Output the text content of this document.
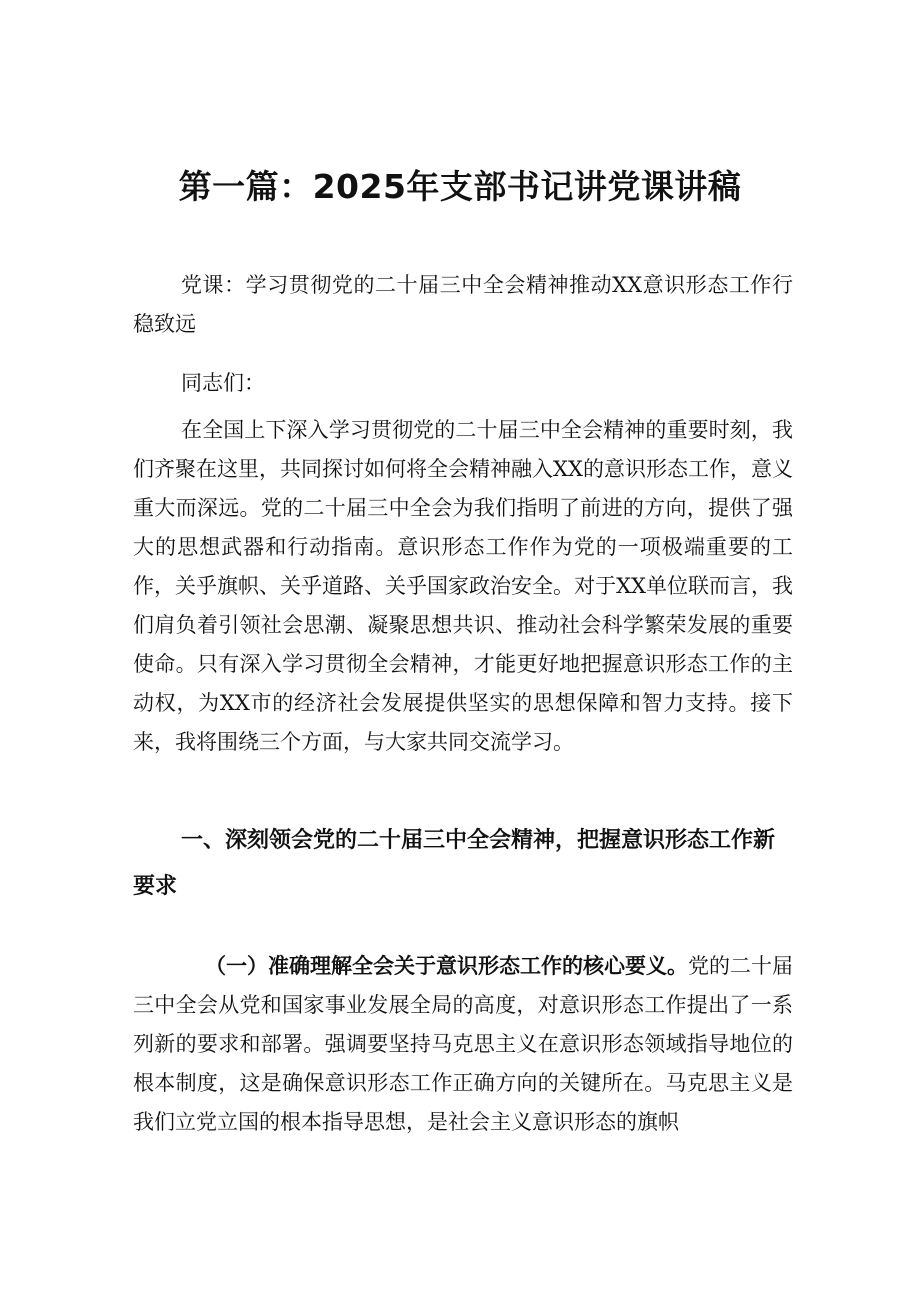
第一篇：2025年支部书记讲党课讲稿

党课：学习贯彻党的二十届三中全会精神推动XX意识形态工作行稳致远

同志们：

在全国上下深入学习贯彻党的二十届三中全会精神的重要时刻，我们齐聚在这里，共同探讨如何将全会精神融入XX的意识形态工作，意义重大而深远。党的二十届三中全会为我们指明了前进的方向，提供了强大的思想武器和行动指南。意识形态工作作为党的一项极端重要的工作，关乎旗帜、关乎道路、关乎国家政治安全。对于XX单位联而言，我们肩负着引领社会思潮、凝聚思想共识、推动社会科学繁荣发展的重要使命。只有深入学习贯彻全会精神，才能更好地把握意识形态工作的主动权，为XX市的经济社会发展提供坚实的思想保障和智力支持。接下来，我将围绕三个方面，与大家共同交流学习。

一、深刻领会党的二十届三中全会精神，把握意识形态工作新要求

（一）准确理解全会关于意识形态工作的核心要义。党的二十届三中全会从党和国家事业发展全局的高度，对意识形态工作提出了一系列新的要求和部署。强调要坚持马克思主义在意识形态领域指导地位的根本制度，这是确保意识形态工作正确方向的关键所在。马克思主义是我们立党立国的根本指导思想，是社会主义意识形态的旗帜
